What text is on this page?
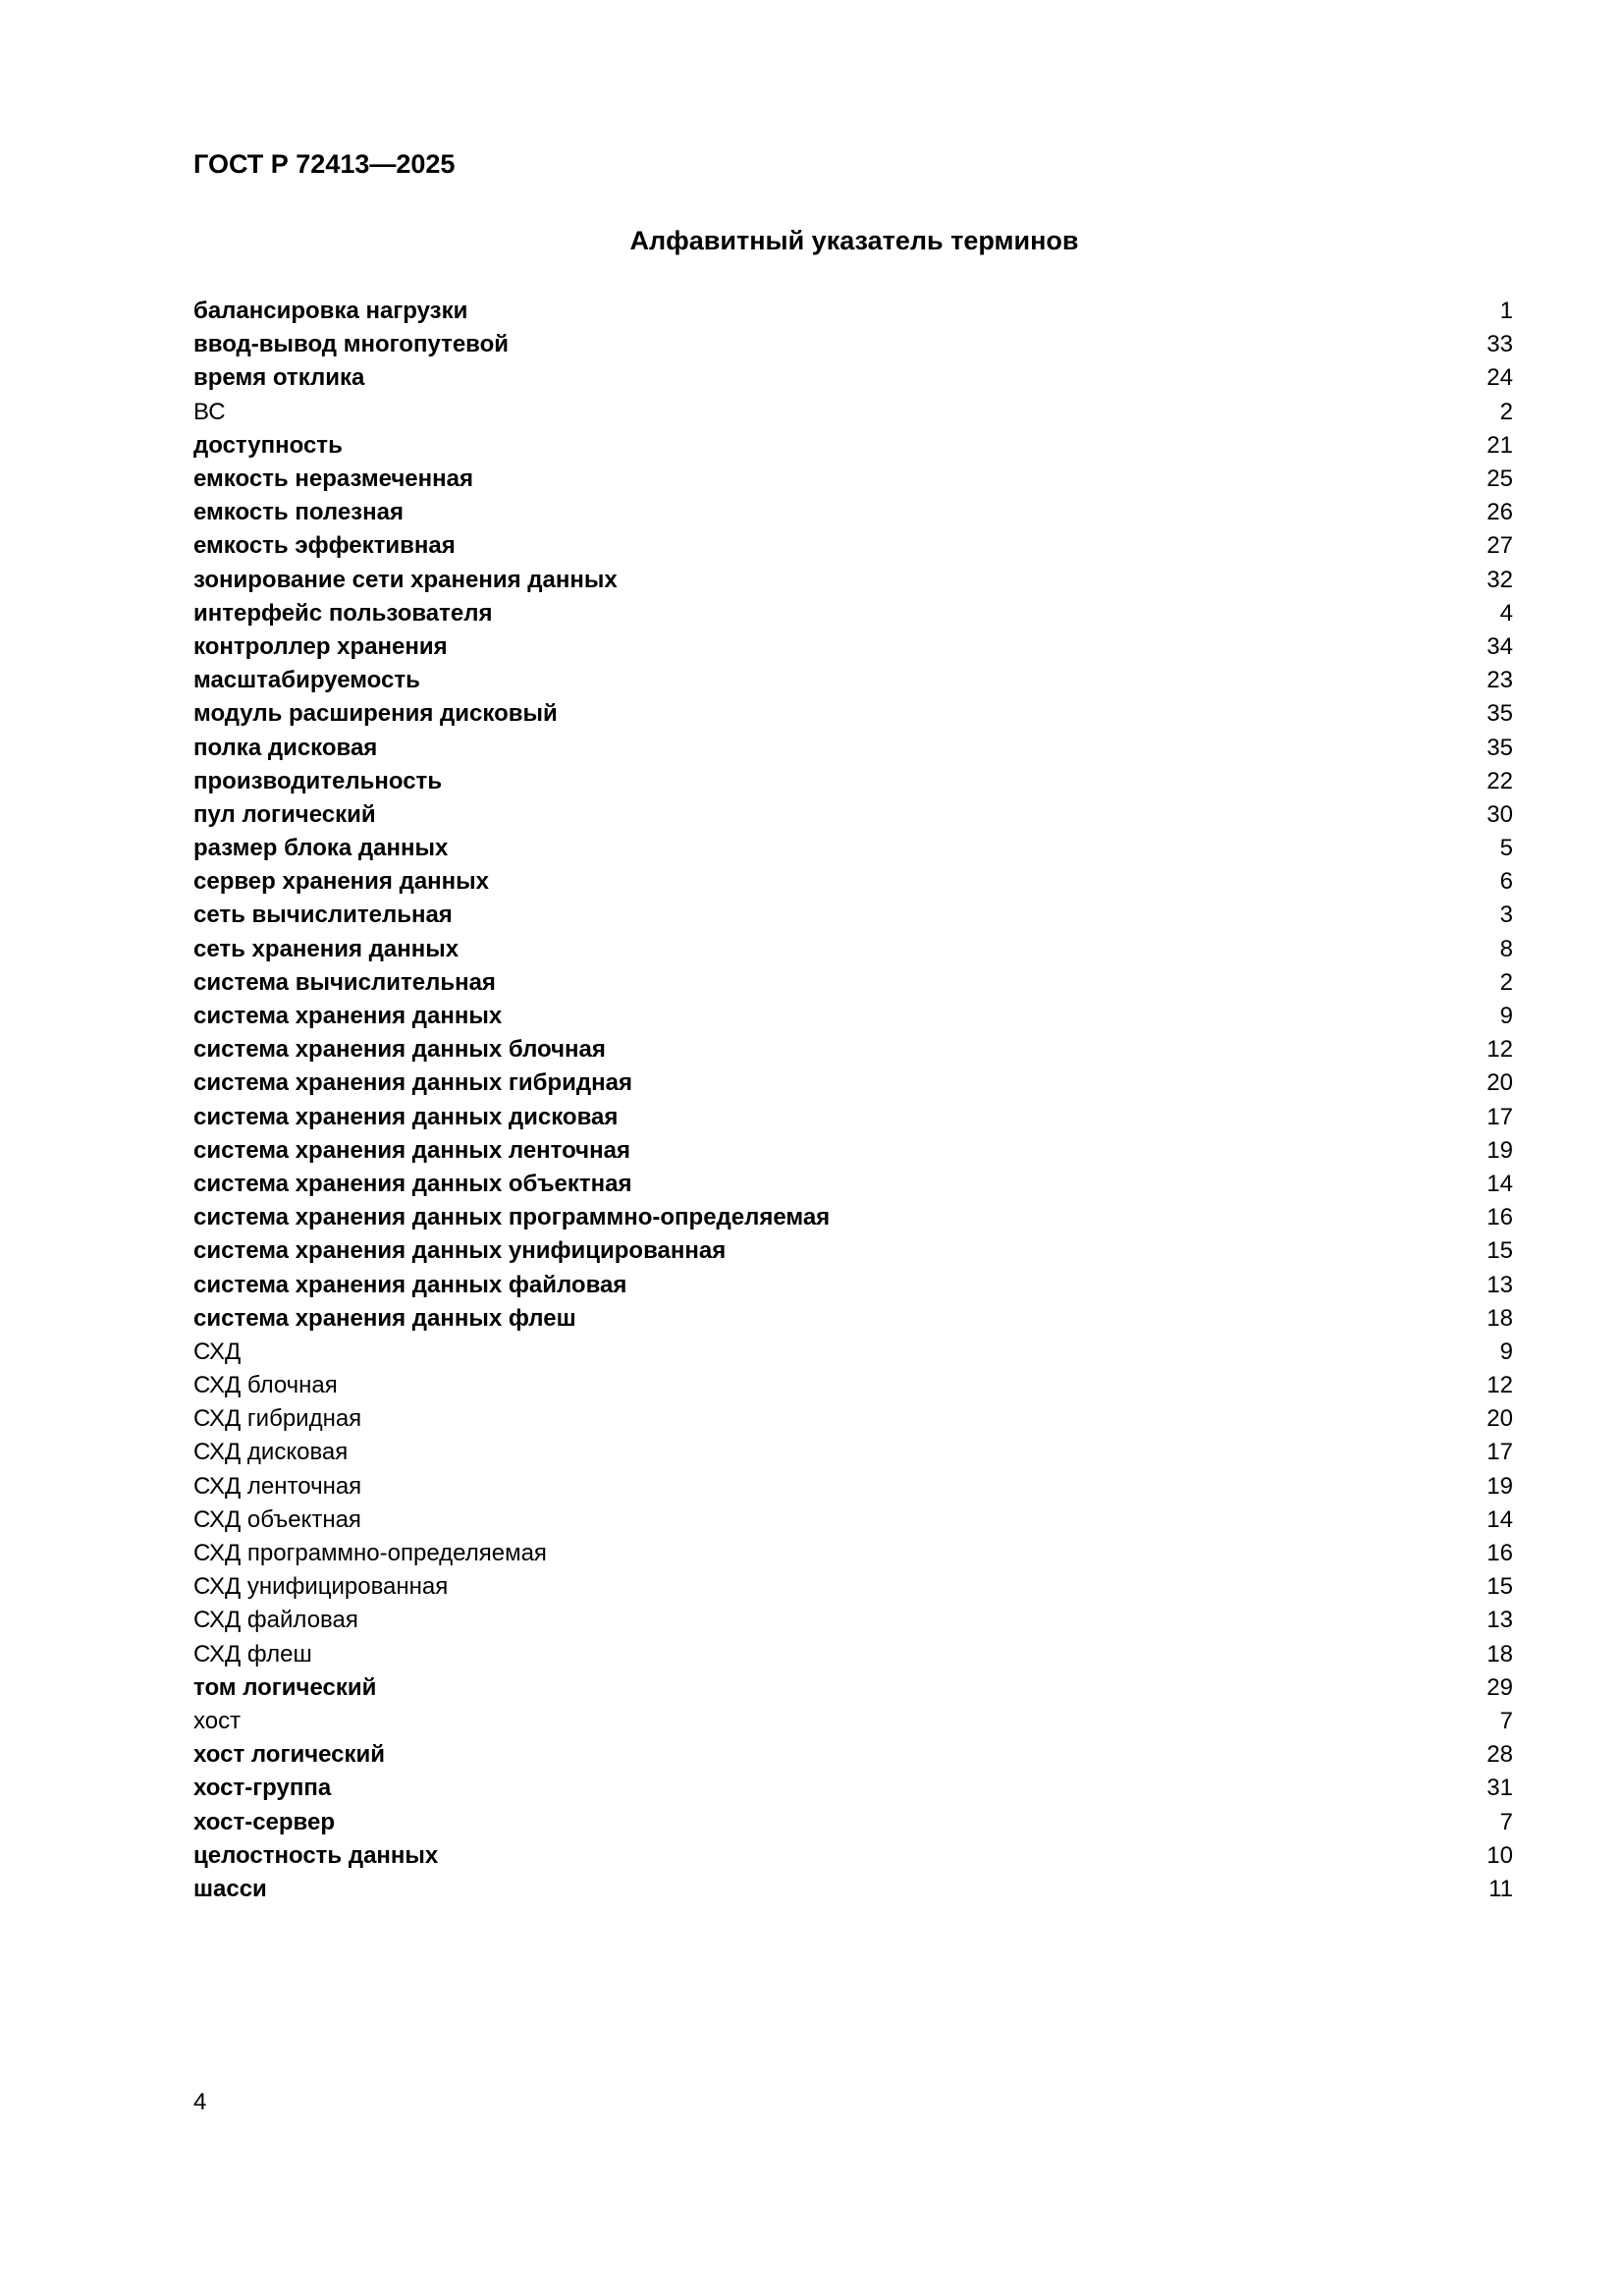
ГОСТ Р 72413—2025
Алфавитный указатель терминов
балансировка нагрузки	1
ввод-вывод многопутевой	33
время отклика	24
ВС	2
доступность	21
емкость неразмеченная	25
емкость полезная	26
емкость эффективная	27
зонирование сети хранения данных	32
интерфейс пользователя	4
контроллер хранения	34
масштабируемость	23
модуль расширения дисковый	35
полка дисковая	35
производительность	22
пул логический	30
размер блока данных	5
сервер хранения данных	6
сеть вычислительная	3
сеть хранения данных	8
система вычислительная	2
система хранения данных	9
система хранения данных блочная	12
система хранения данных гибридная	20
система хранения данных дисковая	17
система хранения данных ленточная	19
система хранения данных объектная	14
система хранения данных программно-определяемая	16
система хранения данных унифицированная	15
система хранения данных файловая	13
система хранения данных флеш	18
СХД	9
СХД блочная	12
СХД гибридная	20
СХД дисковая	17
СХД ленточная	19
СХД объектная	14
СХД программно-определяемая	16
СХД унифицированная	15
СХД файловая	13
СХД флеш	18
том логический	29
хост	7
хост логический	28
хост-группа	31
хост-сервер	7
целостность данных	10
шасси	11
4
